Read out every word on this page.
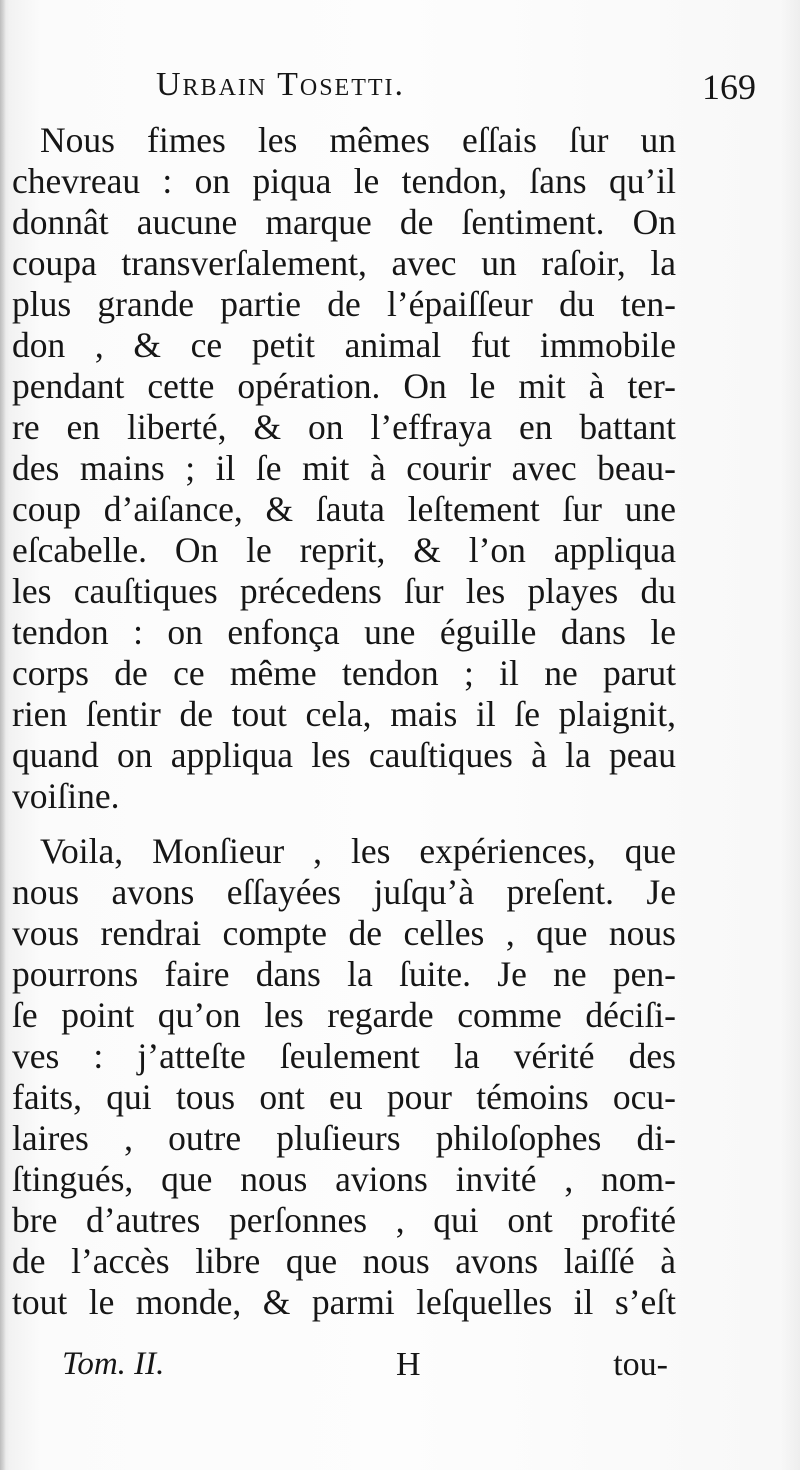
Urbain Tosetti.	169
Nous fimes les mêmes eſſais ſur un
chevreau : on piqua le tendon, ſans qu’il
donnât aucune marque de ſentiment. On
coupa transverſalement, avec un raſoir, la
plus grande partie de l’épaiſſeur du ten-
don , & ce petit animal fut immobile
pendant cette opération. On le mit à ter-
re en liberté, & on l’effraya en battant
des mains ; il ſe mit à courir avec beau-
coup d’aiſance, & ſauta leſtement ſur une
eſcabelle. On le reprit, & l’on appliqua
les cauſtiques précedens ſur les playes du
tendon : on enfonça une éguille dans le
corps de ce même tendon ; il ne parut
rien ſentir de tout cela, mais il ſe plaignit,
quand on appliqua les cauſtiques à la peau
voiſine.
Voila, Monſieur , les expériences, que
nous avons eſſayées juſqu’à preſent. Je
vous rendrai compte de celles , que nous
pourrons faire dans la ſuite. Je ne pen-
ſe point qu’on les regarde comme déciſi-
ves : j’atteſte ſeulement la vérité des
faits, qui tous ont eu pour témoins ocu-
laires , outre pluſieurs philoſophes di-
ſtingués, que nous avions invité , nom-
bre d’autres perſonnes , qui ont profité
de l’accès libre que nous avons laiſſé à
tout le monde, & parmi leſquelles il s’eſt
Tom. II.	H	tou-
